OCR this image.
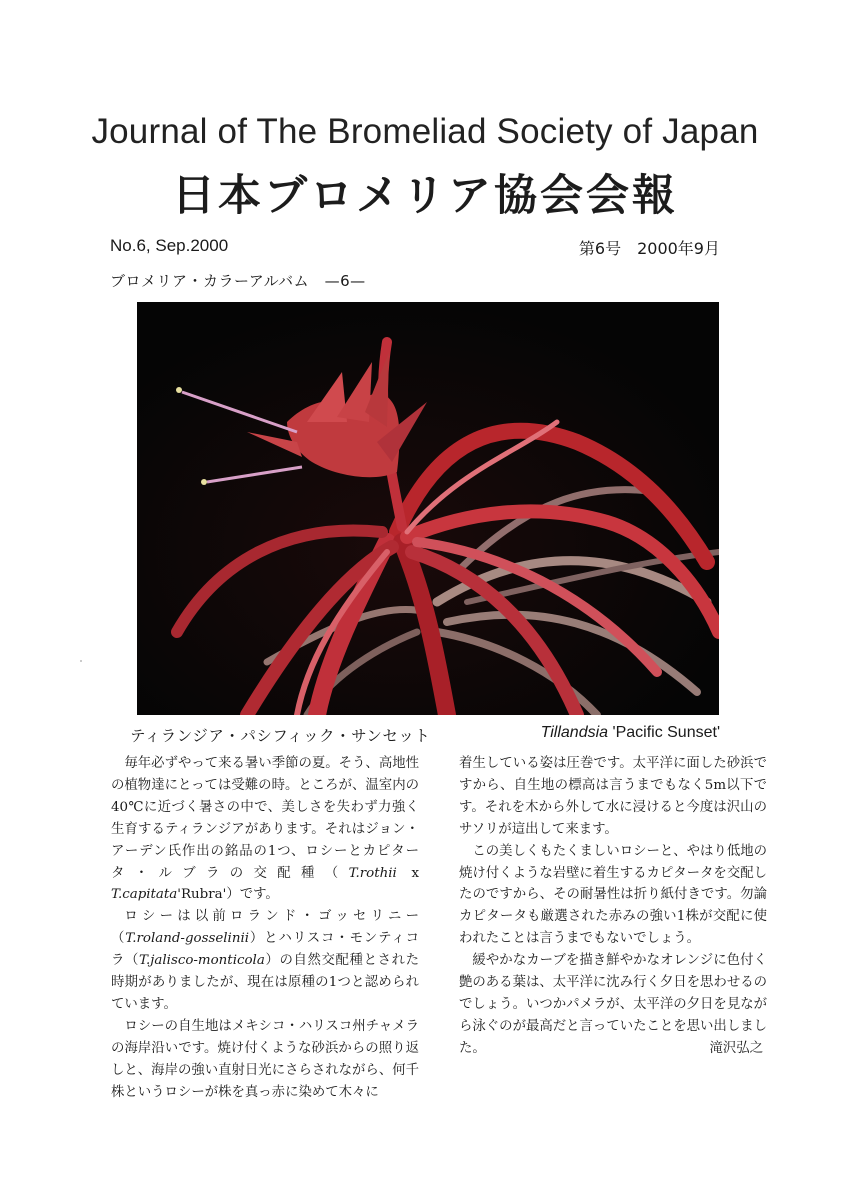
Journal of The Bromeliad Society of Japan
日本ブロメリア協会会報
No.6, Sep.2000	第6号　2000年9月
ブロメリア・カラーアルバム　—6—
ティランジア・パシフィック・サンセット	Tillandsia 'Pacific Sunset'

毎年必ずやって来る暑い季節の夏。そう、高地性の植物達にとっては受難の時。ところが、温室内の40℃に近づく暑さの中で、美しさを失わず力強く生育するティランジアがあります。それはジョン・アーデン氏作出の銘品の1つ、ロシーとカピタータ・ルブラの交配種（T.rothii x T.capitata'Rubra'）です。

ロシーは以前ロランド・ゴッセリニー（T.roland-gosselinii）とハリスコ・モンティコラ（T.jalisco-monticola）の自然交配種とされた時期がありましたが、現在は原種の1つと認められています。

ロシーの自生地はメキシコ・ハリスコ州チャメラの海岸沿いです。焼け付くような砂浜からの照り返しと、海岸の強い直射日光にさらされながら、何千株というロシーが株を真っ赤に染めて木々に

着生している姿は圧巻です。太平洋に面した砂浜ですから、自生地の標高は言うまでもなく5m以下です。それを木から外して水に浸けると今度は沢山のサソリが這出して来ます。

この美しくもたくましいロシーと、やはり低地の焼け付くような岩壁に着生するカピタータを交配したのですから、その耐暑性は折り紙付きです。勿論カピタータも厳選された赤みの強い1株が交配に使われたことは言うまでもないでしょう。

緩やかなカーブを描き鮮やかなオレンジに色付く艶のある葉は、太平洋に沈み行く夕日を思わせるのでしょう。いつかパメラが、太平洋の夕日を見ながら泳ぐのが最高だと言っていたことを思い出しました。	滝沢弘之
